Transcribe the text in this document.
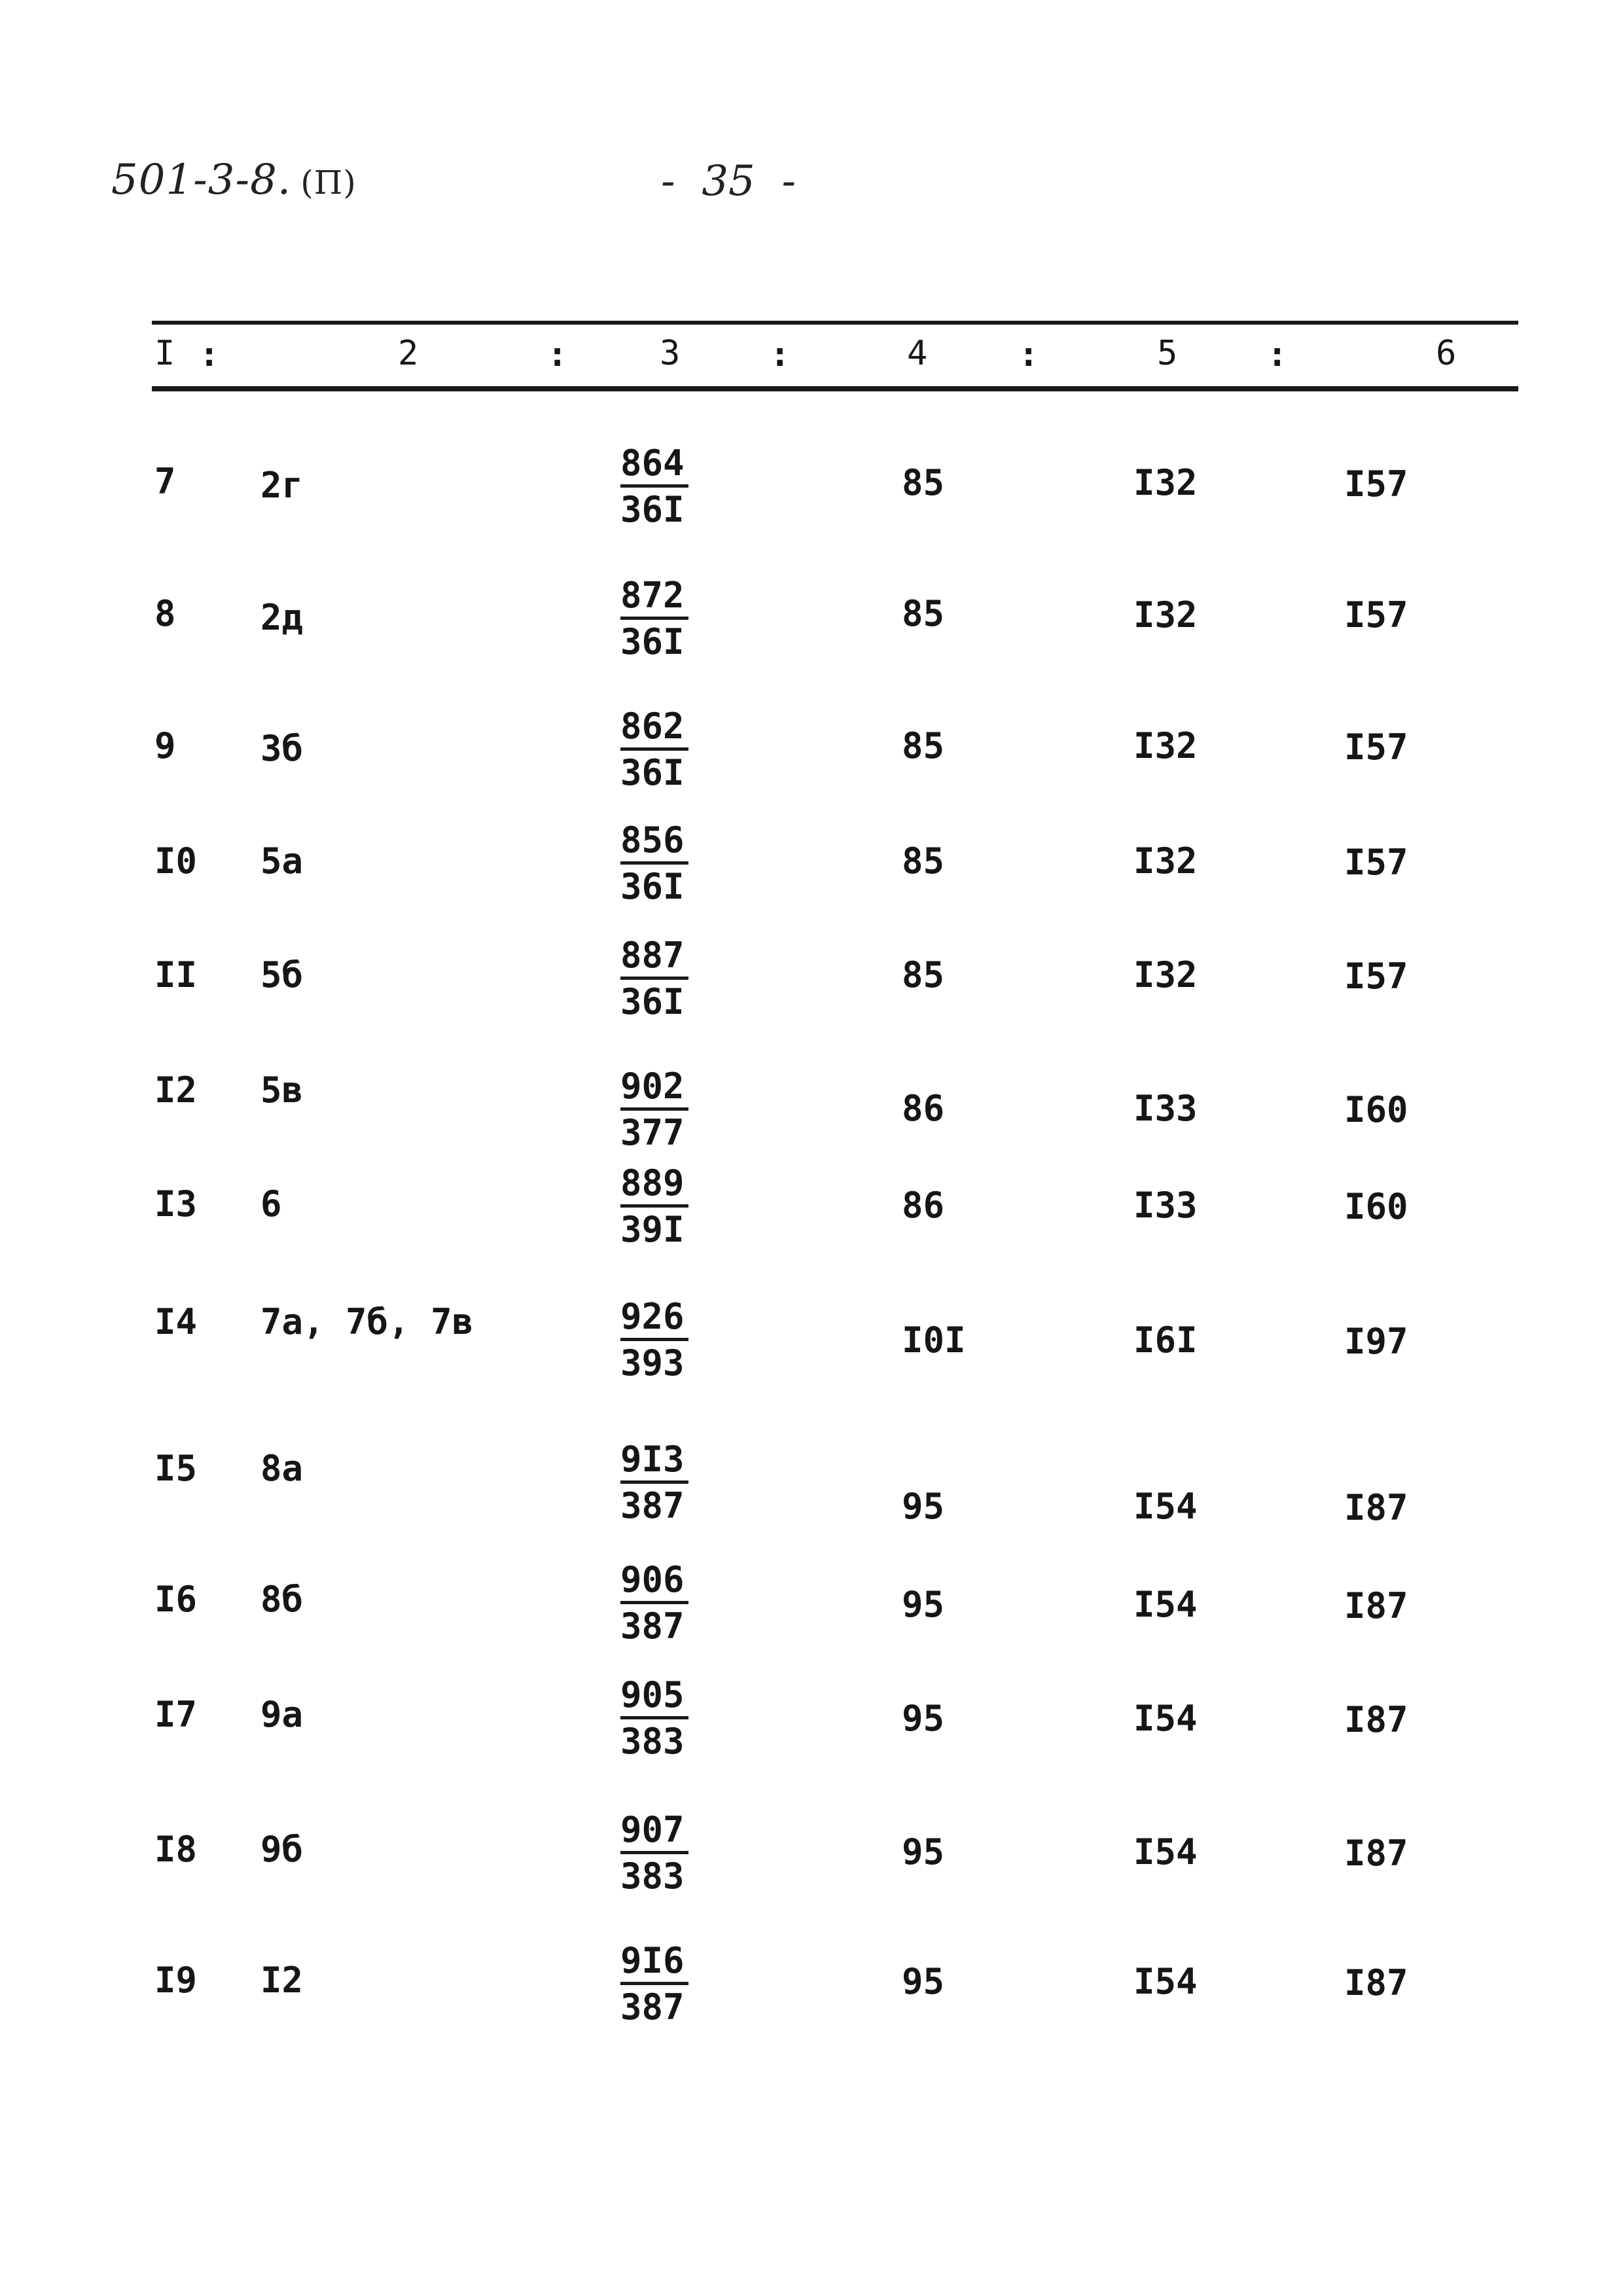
501-3-8. (П)	-  35  -
I :	2	:	3	:	4	:	5	:	6
7 2г	$\frac{864}{36I}$	85	I32	I57
8 2д	$\frac{872}{36I}$	85	I32	I57
9 3б	$\frac{862}{36I}$	85	I32	I57
I0 5а	$\frac{856}{36I}$	85	I32	I57
II 5б	$\frac{887}{36I}$	85	I32	I57
I2 5в	$\frac{902}{377}$	86	I33	I60
I3 6	$\frac{889}{39I}$	86	I33	I60
I4 7а, 7б, 7в	$\frac{926}{393}$	I0I	I6I	I97
I5 8а	$\frac{9I3}{387}$	95	I54	I87
I6 8б	$\frac{906}{387}$	95	I54	I87
I7 9а	$\frac{905}{383}$	95	I54	I87
I8 9б	$\frac{907}{383}$	95	I54	I87
I9 I2	$\frac{9I6}{387}$	95	I54	I87
